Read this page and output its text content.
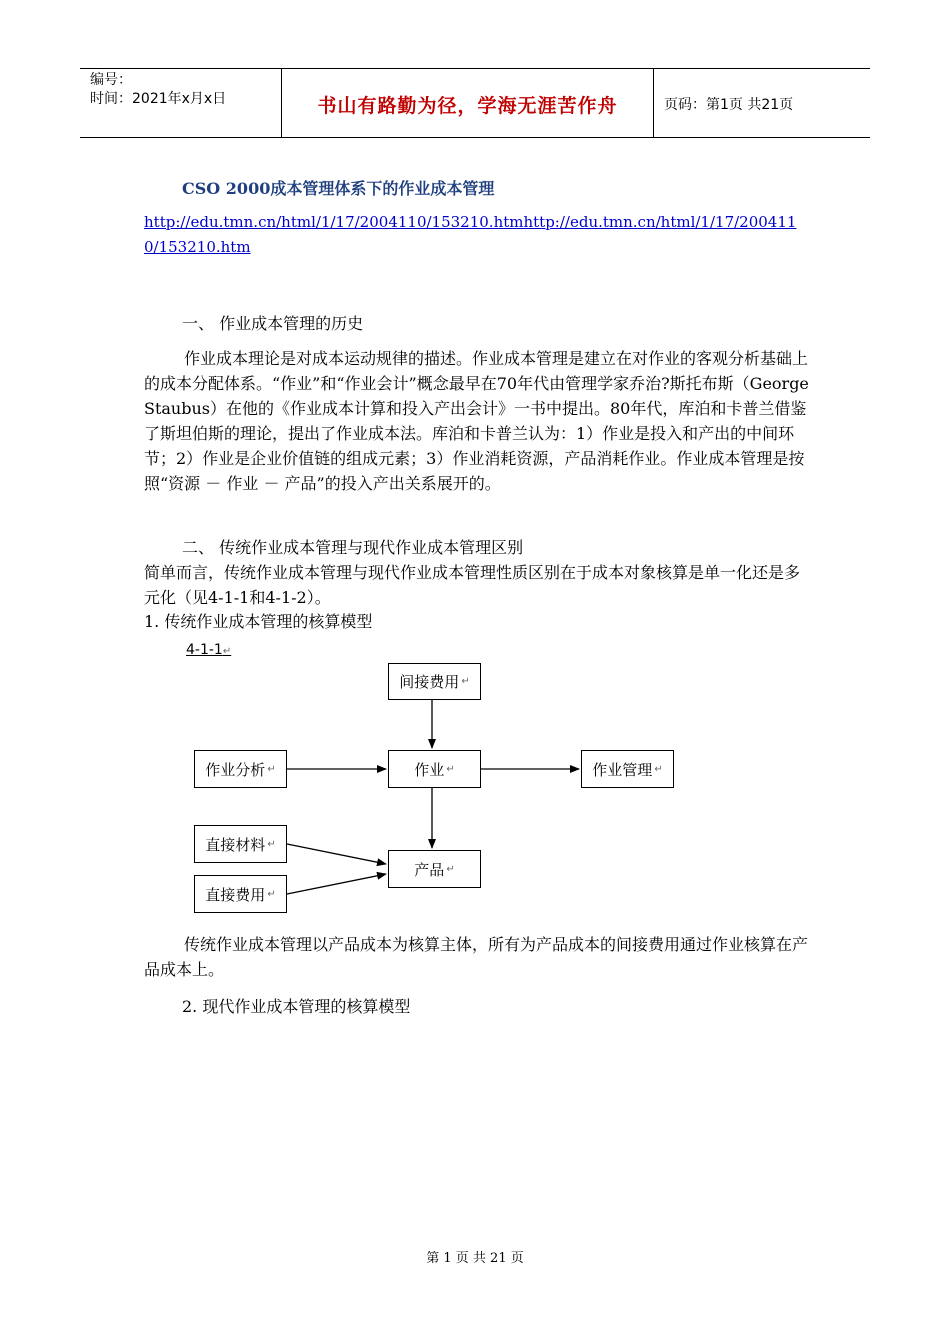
编号：
时间：2021年x月x日	书山有路勤为径，学海无涯苦作舟	页码：第1页 共21页
CSO 2000成本管理体系下的作业成本管理
http://edu.tmn.cn/html/1/17/2004110/153210.htmhttp://edu.tmn.cn/html/1/17/2004110/153210.htm
一、 作业成本管理的历史
作业成本理论是对成本运动规律的描述。作业成本管理是建立在对作业的客观分析基础上的成本分配体系。“作业”和“作业会计”概念最早在70年代由管理学家乔治?斯托布斯（George Staubus）在他的《作业成本计算和投入产出会计》一书中提出。80年代，库泊和卡普兰借鉴了斯坦伯斯的理论，提出了作业成本法。库泊和卡普兰认为：1）作业是投入和产出的中间环节；2）作业是企业价值链的组成元素；3）作业消耗资源，产品消耗作业。作业成本管理是按照“资源 － 作业 － 产品”的投入产出关系展开的。
二、 传统作业成本管理与现代作业成本管理区别
简单而言，传统作业成本管理与现代作业成本管理性质区别在于成本对象核算是单一化还是多元化（见4-1-1和4-1-2）。
1. 传统作业成本管理的核算模型
4-1-1↵
间接费用 ↵
作业分析 ↵	作业 ↵	作业管理 ↵
直接材料 ↵
产品 ↵
直接费用 ↵
传统作业成本管理以产品成本为核算主体，所有为产品成本的间接费用通过作业核算在产品成本上。
2. 现代作业成本管理的核算模型
第 1 页 共 21 页
